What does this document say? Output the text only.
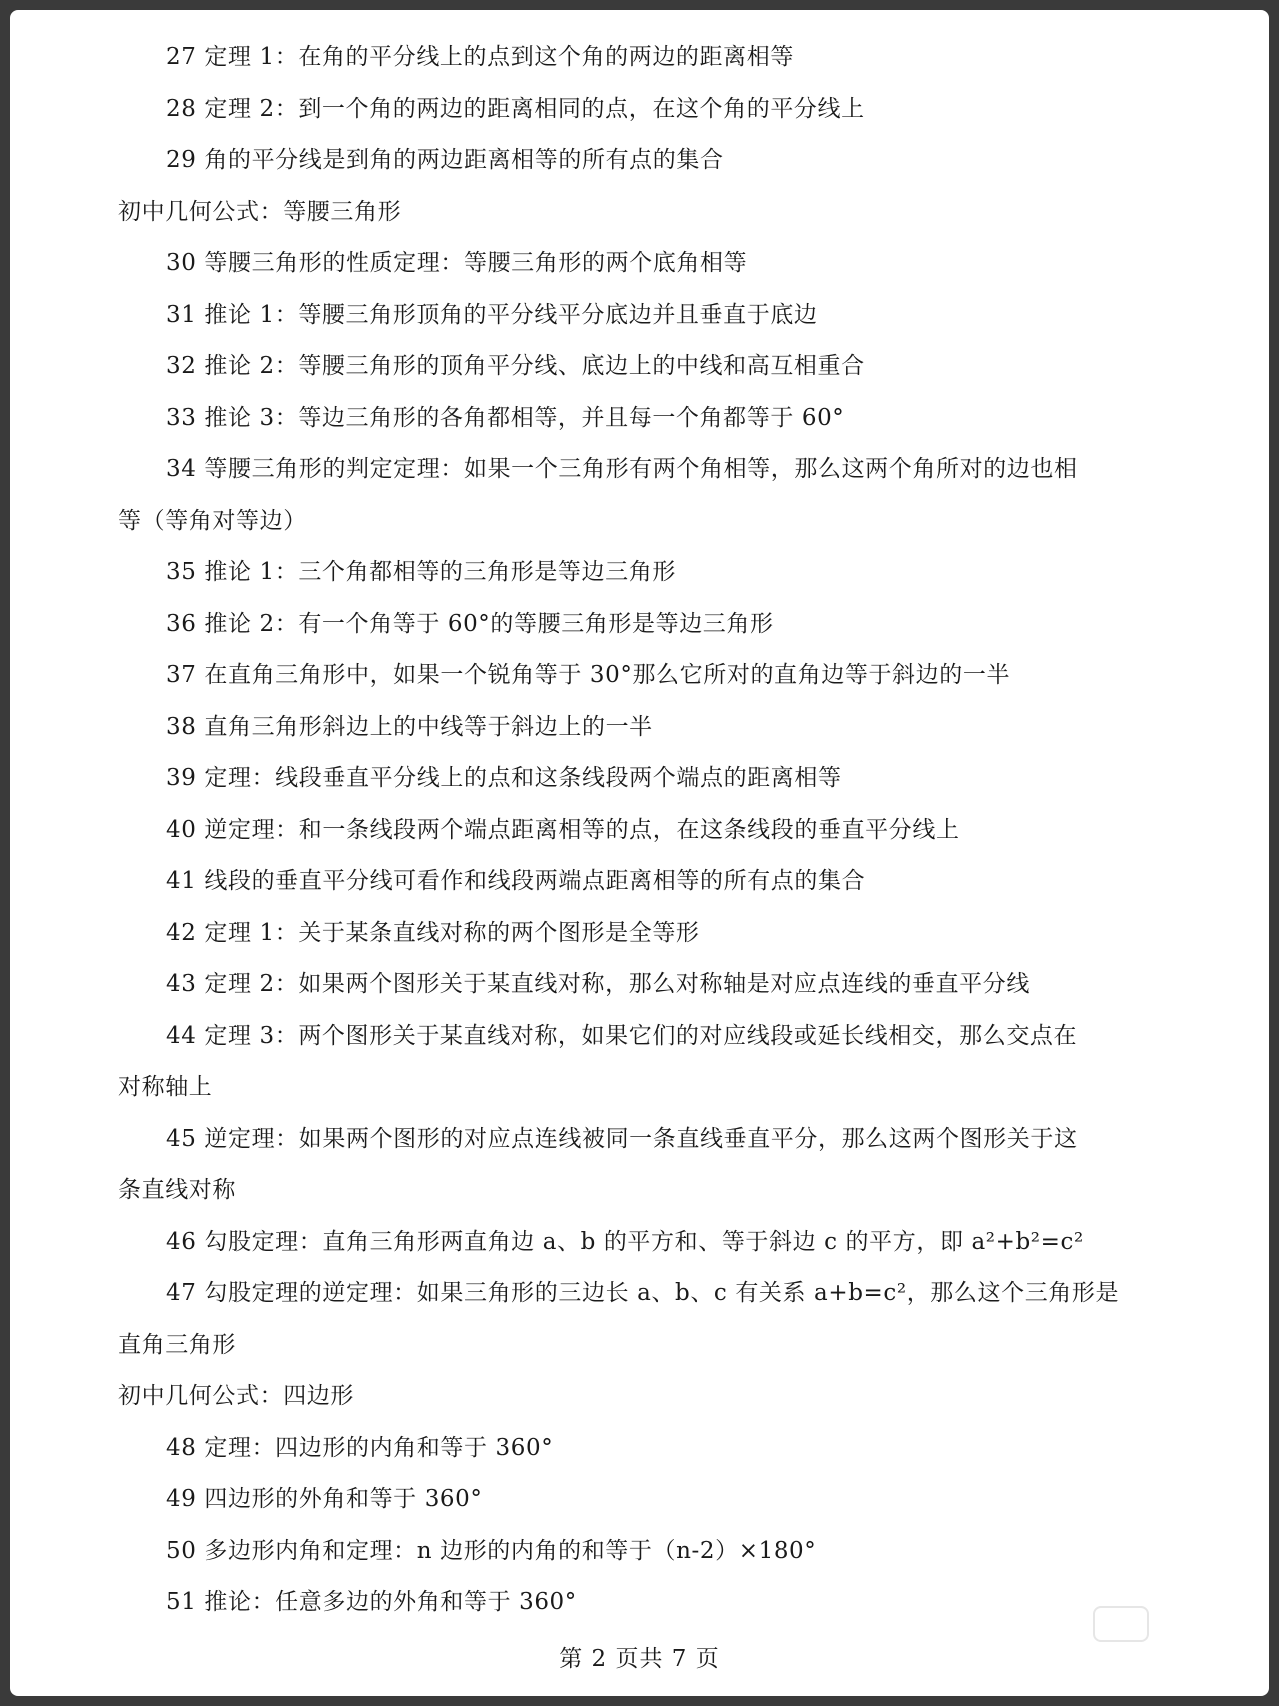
27 定理 1：在角的平分线上的点到这个角的两边的距离相等
28 定理 2：到一个角的两边的距离相同的点，在这个角的平分线上
29 角的平分线是到角的两边距离相等的所有点的集合
初中几何公式：等腰三角形
30 等腰三角形的性质定理：等腰三角形的两个底角相等
31 推论 1：等腰三角形顶角的平分线平分底边并且垂直于底边
32 推论 2：等腰三角形的顶角平分线、底边上的中线和高互相重合
33 推论 3：等边三角形的各角都相等，并且每一个角都等于 60°
34 等腰三角形的判定定理：如果一个三角形有两个角相等，那么这两个角所对的边也相
等（等角对等边）
35 推论 1：三个角都相等的三角形是等边三角形
36 推论 2：有一个角等于 60°的等腰三角形是等边三角形
37 在直角三角形中，如果一个锐角等于 30°那么它所对的直角边等于斜边的一半
38 直角三角形斜边上的中线等于斜边上的一半
39 定理：线段垂直平分线上的点和这条线段两个端点的距离相等
40 逆定理：和一条线段两个端点距离相等的点，在这条线段的垂直平分线上
41 线段的垂直平分线可看作和线段两端点距离相等的所有点的集合
42 定理 1：关于某条直线对称的两个图形是全等形
43 定理 2：如果两个图形关于某直线对称，那么对称轴是对应点连线的垂直平分线
44 定理 3：两个图形关于某直线对称，如果它们的对应线段或延长线相交，那么交点在
对称轴上
45 逆定理：如果两个图形的对应点连线被同一条直线垂直平分，那么这两个图形关于这
条直线对称
46 勾股定理：直角三角形两直角边 a、b 的平方和、等于斜边 c 的平方，即 a²+b²=c²
47 勾股定理的逆定理：如果三角形的三边长 a、b、c 有关系 a+b=c²，那么这个三角形是
直角三角形
初中几何公式：四边形
48 定理：四边形的内角和等于 360°
49 四边形的外角和等于 360°
50 多边形内角和定理：n 边形的内角的和等于（n-2）×180°
51 推论：任意多边的外角和等于 360°
第 2 页共 7 页
